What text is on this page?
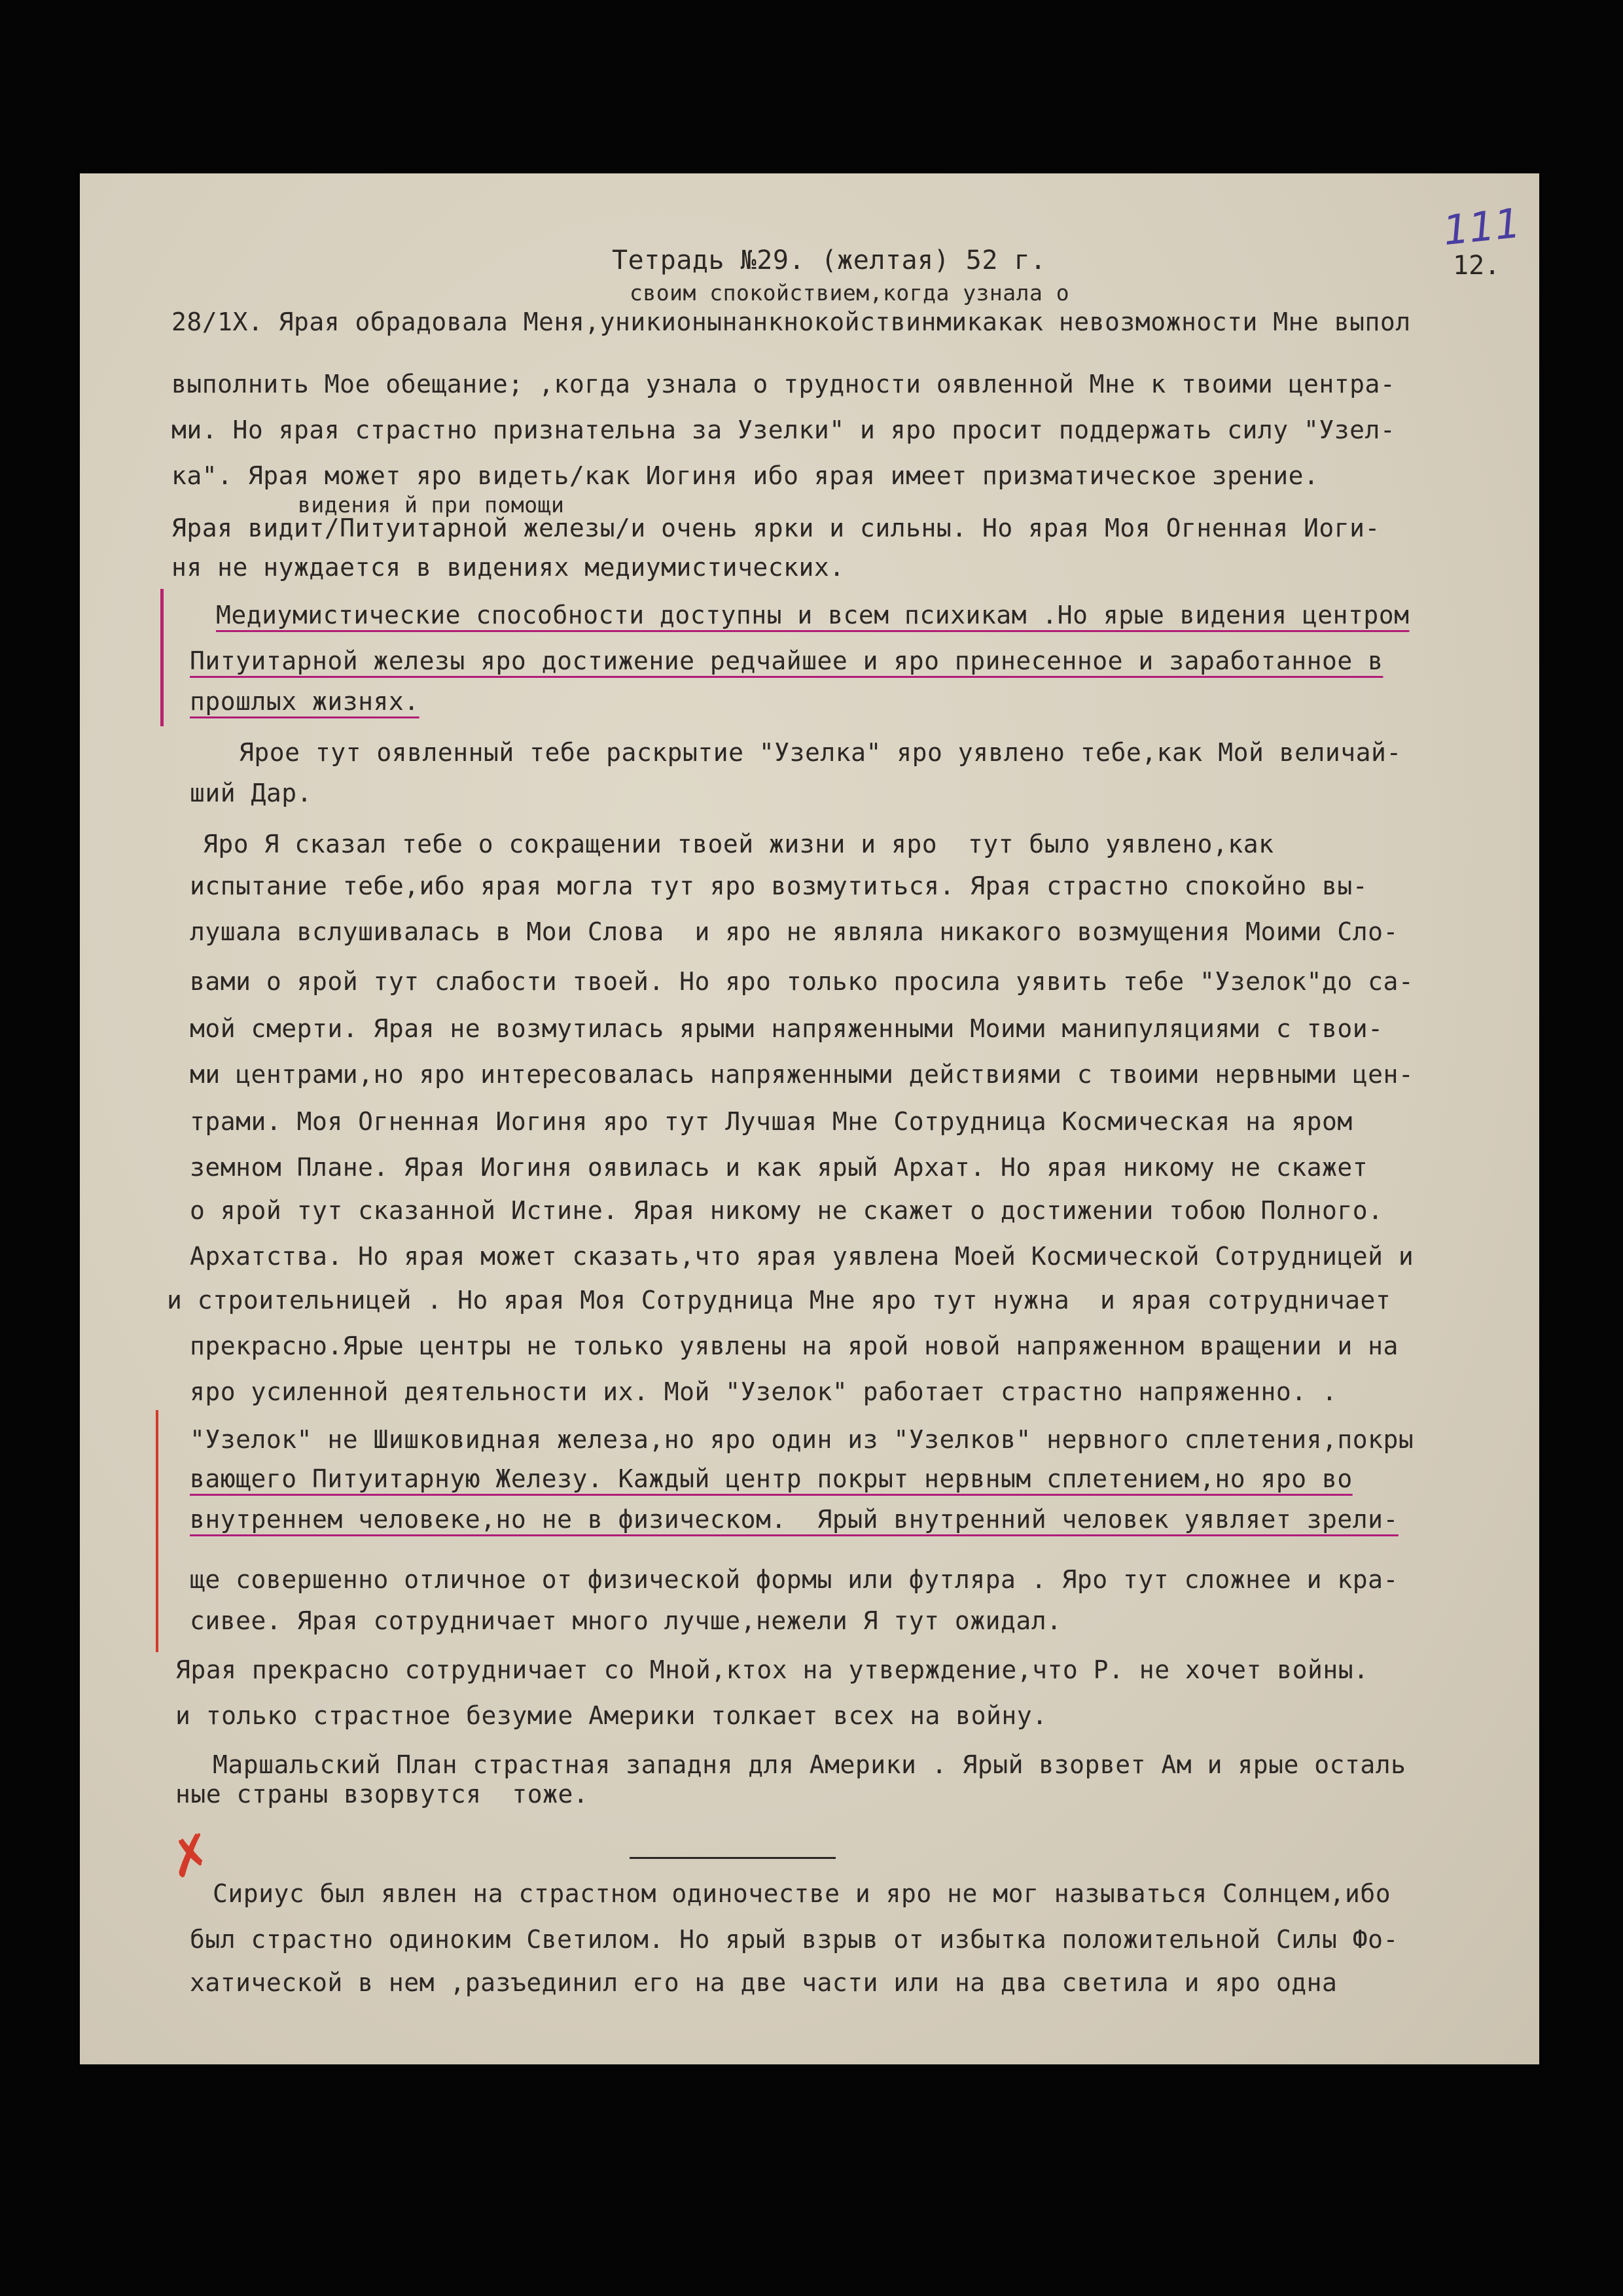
111
12.
Тетрадь №29. (желтая) 52 г.
своим спокойствием,когда узнала о
28/1Х. Ярая обрадовала Меня,уникионынанкнокойствинмикакак невозможности Мне выпол
выполнить Мое обещание; ,когда узнала о трудности оявленной Мне к твоими центра-
ми. Но ярая страстно признательна за Узелки" и яро просит поддержать силу "Узел-
ка". Ярая может яро видеть/как Иогиня ибо ярая имеет призматическое зрение.
видения й при помощи
Ярая видит/Питуитарной железы/и очень ярки и сильны. Но ярая Моя Огненная Иоги-
ня не нуждается в видениях медиумистических.
Медиумистические способности доступны и всем психикам .Но ярые видения центром
Питуитарной железы яро достижение редчайшее и яро принесенное и заработанное в
прошлых жизнях.
Ярое тут оявленный тебе раскрытие "Узелка" яро уявлено тебе,как Мой величай-
ший Дар.
Яро Я сказал тебе о сокращении твоей жизни и яро  тут было уявлено,как
испытание тебе,ибо ярая могла тут яро возмутиться. Ярая страстно спокойно вы-
лушала вслушивалась в Мои Слова  и яро не являла никакого возмущения Моими Сло-
вами о ярой тут слабости твоей. Но яро только просила уявить тебе "Узелок"до са-
мой смерти. Ярая не возмутилась ярыми напряженными Моими манипуляциями с твои-
ми центрами,но яро интересовалась напряженными действиями с твоими нервными цен-
трами. Моя Огненная Иогиня яро тут Лучшая Мне Сотрудница Космическая на яром
земном Плане. Ярая Иогиня оявилась и как ярый Архат. Но ярая никому не скажет
о ярой тут сказанной Истине. Ярая никому не скажет о достижении тобою Полного.
Архатства. Но ярая может сказать,что ярая уявлена Моей Космической Сотрудницей и
и строительницей . Но ярая Моя Сотрудница Мне яро тут нужна  и ярая сотрудничает
прекрасно.Ярые центры не только уявлены на ярой новой напряженном вращении и на
яро усиленной деятельности их. Мой "Узелок" работает страстно напряженно. .
"Узелок" не Шишковидная железа,но яро один из "Узелков" нервного сплетения,покры
вающего Питуитарную Железу. Каждый центр покрыт нервным сплетением,но яро во
внутреннем человеке,но не в физическом.  Ярый внутренний человек уявляет зрели-
ще совершенно отличное от физической формы или футляра . Яро тут сложнее и кра-
сивее. Ярая сотрудничает много лучше,нежели Я тут ожидал.
Ярая прекрасно сотрудничает со Мной,ктох на утверждение,что Р. не хочет войны.
и только страстное безумие Америки толкает всех на войну.
Маршальский План страстная западня для Америки . Ярый взорвет Ам и ярые осталь
ные страны взорвутся  тоже.
✗
Сириус был явлен на страстном одиночестве и яро не мог называться Солнцем,ибо
был страстно одиноким Светилом. Но ярый взрыв от избытка положительной Силы Фо-
хатической в нем ,разъединил его на две части или на два светила и яро одна
